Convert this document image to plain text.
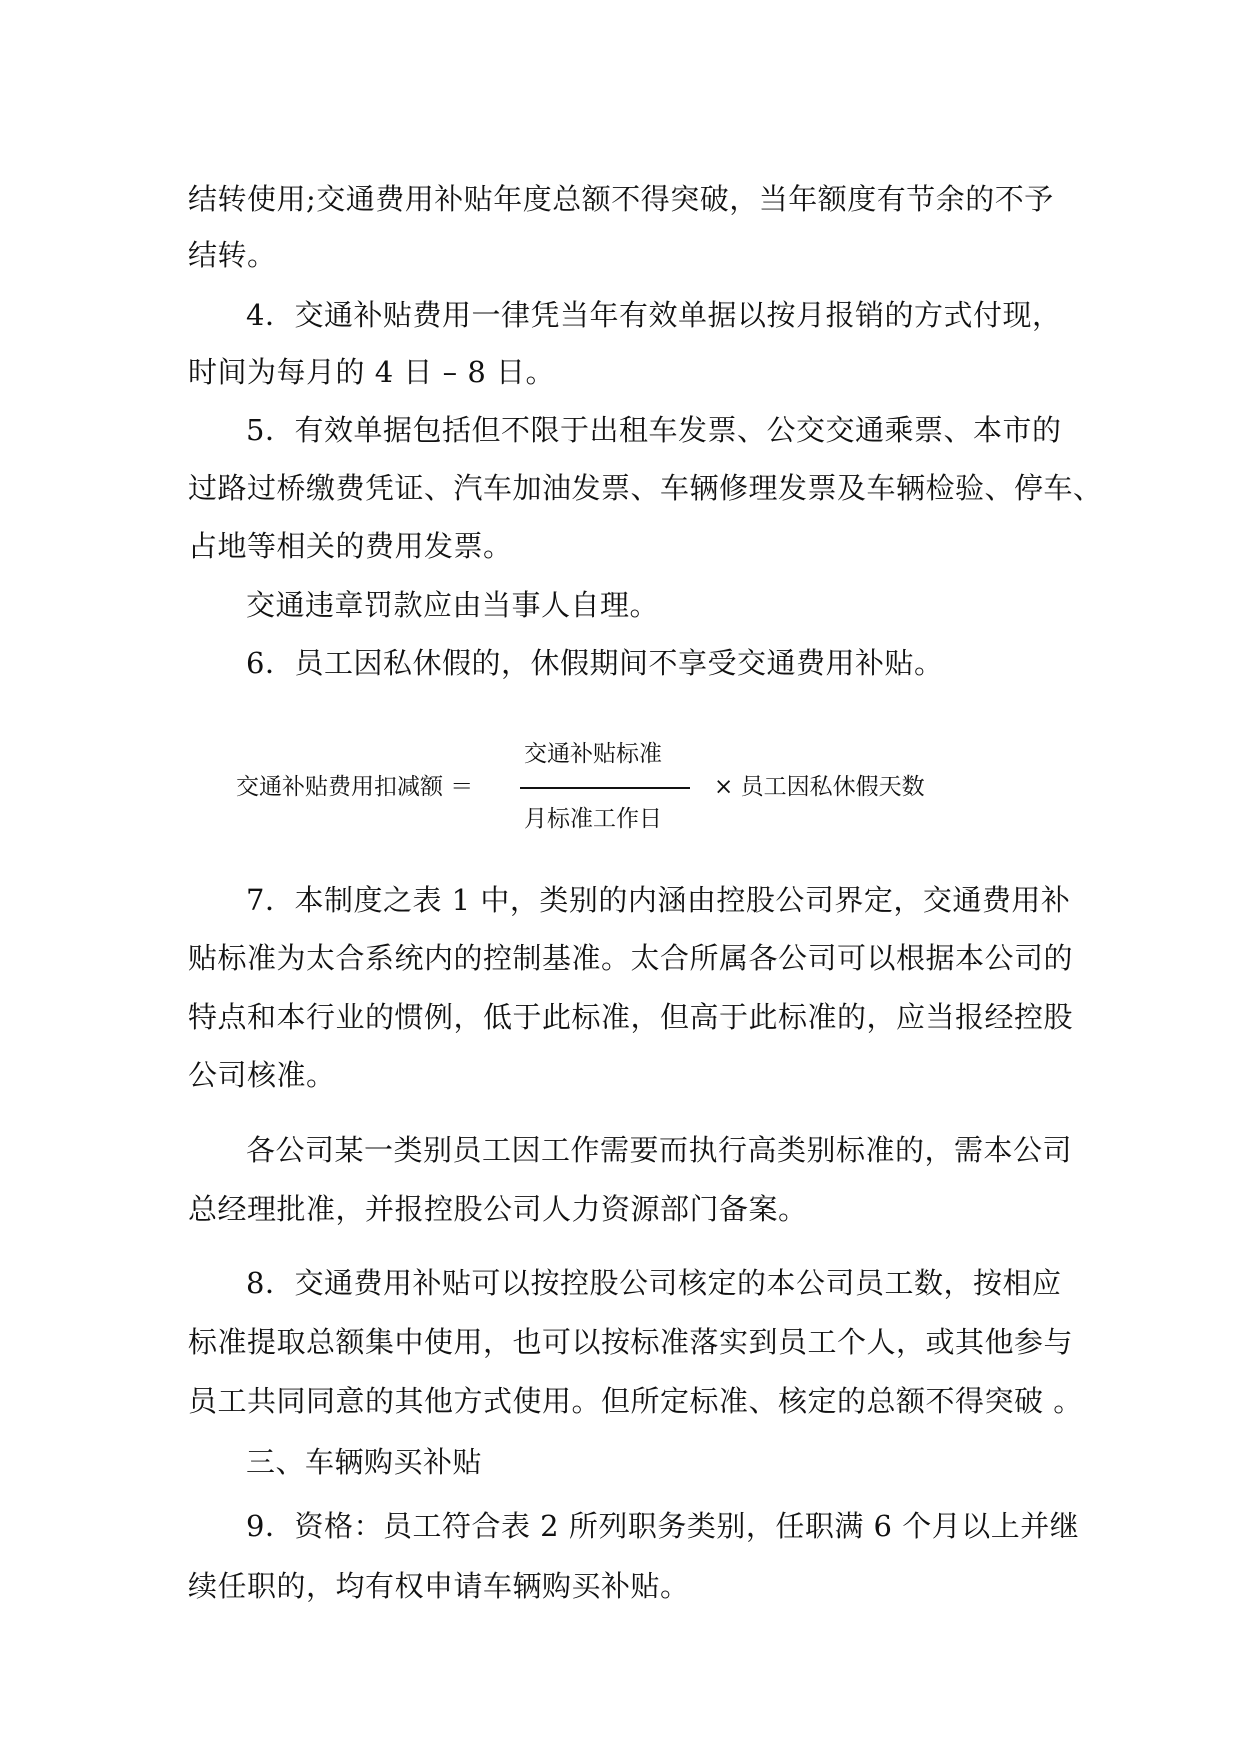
结转使用;交通费用补贴年度总额不得突破，当年额度有节余的不予

结转。

4．交通补贴费用一律凭当年有效单据以按月报销的方式付现，

时间为每月的 4 日 – 8 日。

5．有效单据包括但不限于出租车发票、公交交通乘票、本市的

过路过桥缴费凭证、汽车加油发票、车辆修理发票及车辆检验、停车、

占地等相关的费用发票。

交通违章罚款应由当事人自理。

6．员工因私休假的，休假期间不享受交通费用补贴。

交通补贴费用扣减额 ＝
交通补贴标准
月标准工作日
× 员工因私休假天数

7．本制度之表 1 中，类别的内涵由控股公司界定，交通费用补

贴标准为太合系统内的控制基准。太合所属各公司可以根据本公司的

特点和本行业的惯例，低于此标准，但高于此标准的，应当报经控股

公司核准。

各公司某一类别员工因工作需要而执行高类别标准的，需本公司

总经理批准，并报控股公司人力资源部门备案。

8．交通费用补贴可以按控股公司核定的本公司员工数，按相应

标准提取总额集中使用，也可以按标准落实到员工个人，或其他参与

员工共同同意的其他方式使用。但所定标准、核定的总额不得突破 。

三、车辆购买补贴

9．资格：员工符合表 2 所列职务类别，任职满 6 个月以上并继

续任职的，均有权申请车辆购买补贴。
